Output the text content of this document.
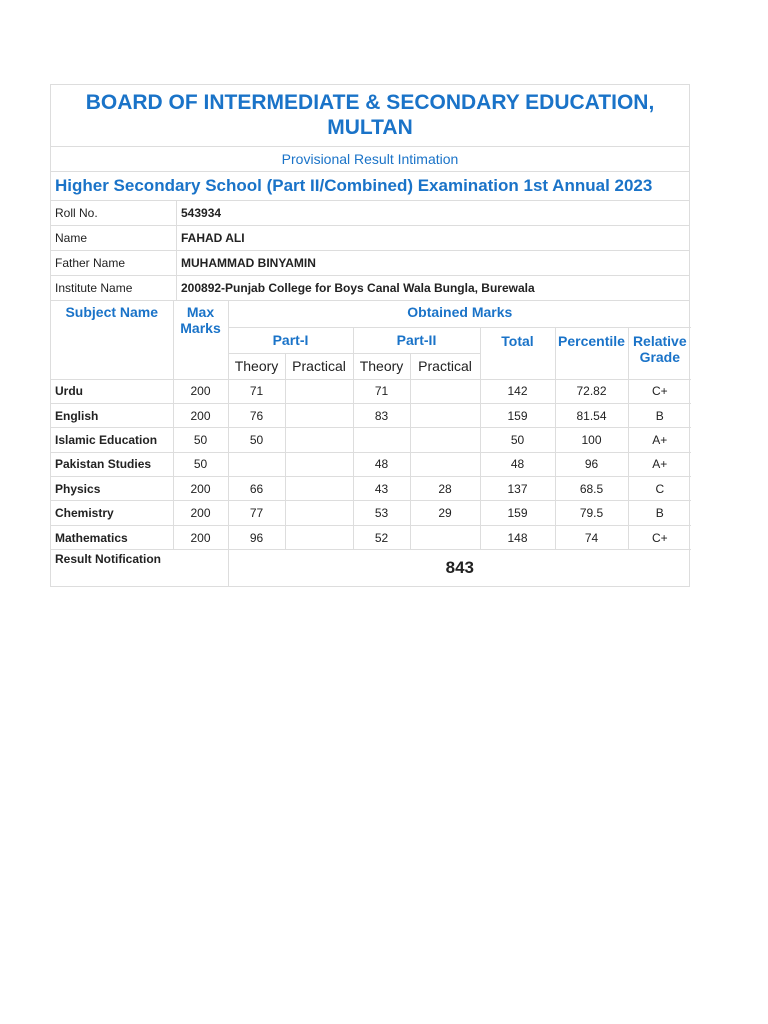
BOARD OF INTERMEDIATE & SECONDARY EDUCATION, MULTAN
Provisional Result Intimation
Higher Secondary School (Part II/Combined) Examination 1st Annual 2023
Roll No.	543934
Name	FAHAD ALI
Father Name	MUHAMMAD BINYAMIN
Institute Name	200892-Punjab College for Boys Canal Wala Bungla, Burewala
Subject Name	Max Marks	Obtained Marks						
		Part-I		Part-II		Total	Percentile	Relative Grade
		Theory	Practical	Theory	Practical			
Urdu	200	71		71		142	72.82	C+
English	200	76		83		159	81.54	B
Islamic Education	50	50				50	100	A+
Pakistan Studies	50			48		48	96	A+
Physics	200	66		43	28	137	68.5	C
Chemistry	200	77		53	29	159	79.5	B
Mathematics	200	96		52		148	74	C+
Result Notification		843						
